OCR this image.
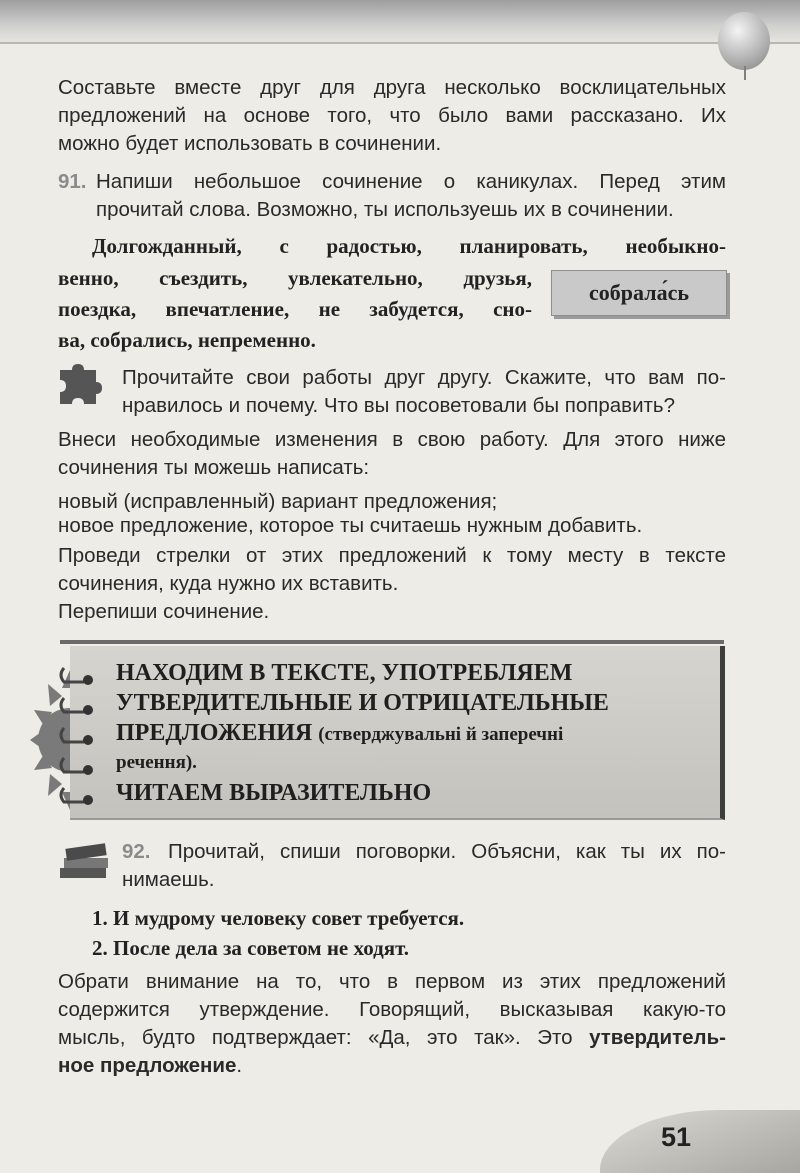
Составьте вместе друг для друга несколько восклицательных
предложений на основе того, что было вами рассказано. Их
можно будет использовать в сочинении.
91. Напиши небольшое сочинение о каникулах. Перед этим
прочитай слова. Возможно, ты используешь их в сочинении.
Долгожданный, с радостью, планировать, необыкно-
венно, съездить, увлекательно, друзья,
поездка, впечатление, не забудется, сно-
ва, собрались, непременно.
собрала́сь
Прочитайте свои работы друг другу. Скажите, что вам по-
нравилось и почему. Что вы посоветовали бы поправить?
Внеси необходимые изменения в свою работу. Для этого ниже
сочинения ты можешь написать:
новый (исправленный) вариант предложения;
новое предложение, которое ты считаешь нужным добавить.
Проведи стрелки от этих предложений к тому месту в тексте
сочинения, куда нужно их вставить.
Перепиши сочинение.
НАХОДИМ В ТЕКСТЕ, УПОТРЕБЛЯЕМ
УТВЕРДИТЕЛЬНЫЕ И ОТРИЦАТЕЛЬНЫЕ
ПРЕДЛОЖЕНИЯ (стверджувальні й заперечні
речення).
ЧИТАЕМ ВЫРАЗИТЕЛЬНО
92. Прочитай, спиши поговорки. Объясни, как ты их по-
нимаешь.
1. И мудрому человеку совет требуется.
2. После дела за советом не ходят.
Обрати внимание на то, что в первом из этих предложений
содержится утверждение. Говорящий, высказывая какую-то
мысль, будто подтверждает: «Да, это так». Это утвердитель-
ное предложение.
51
